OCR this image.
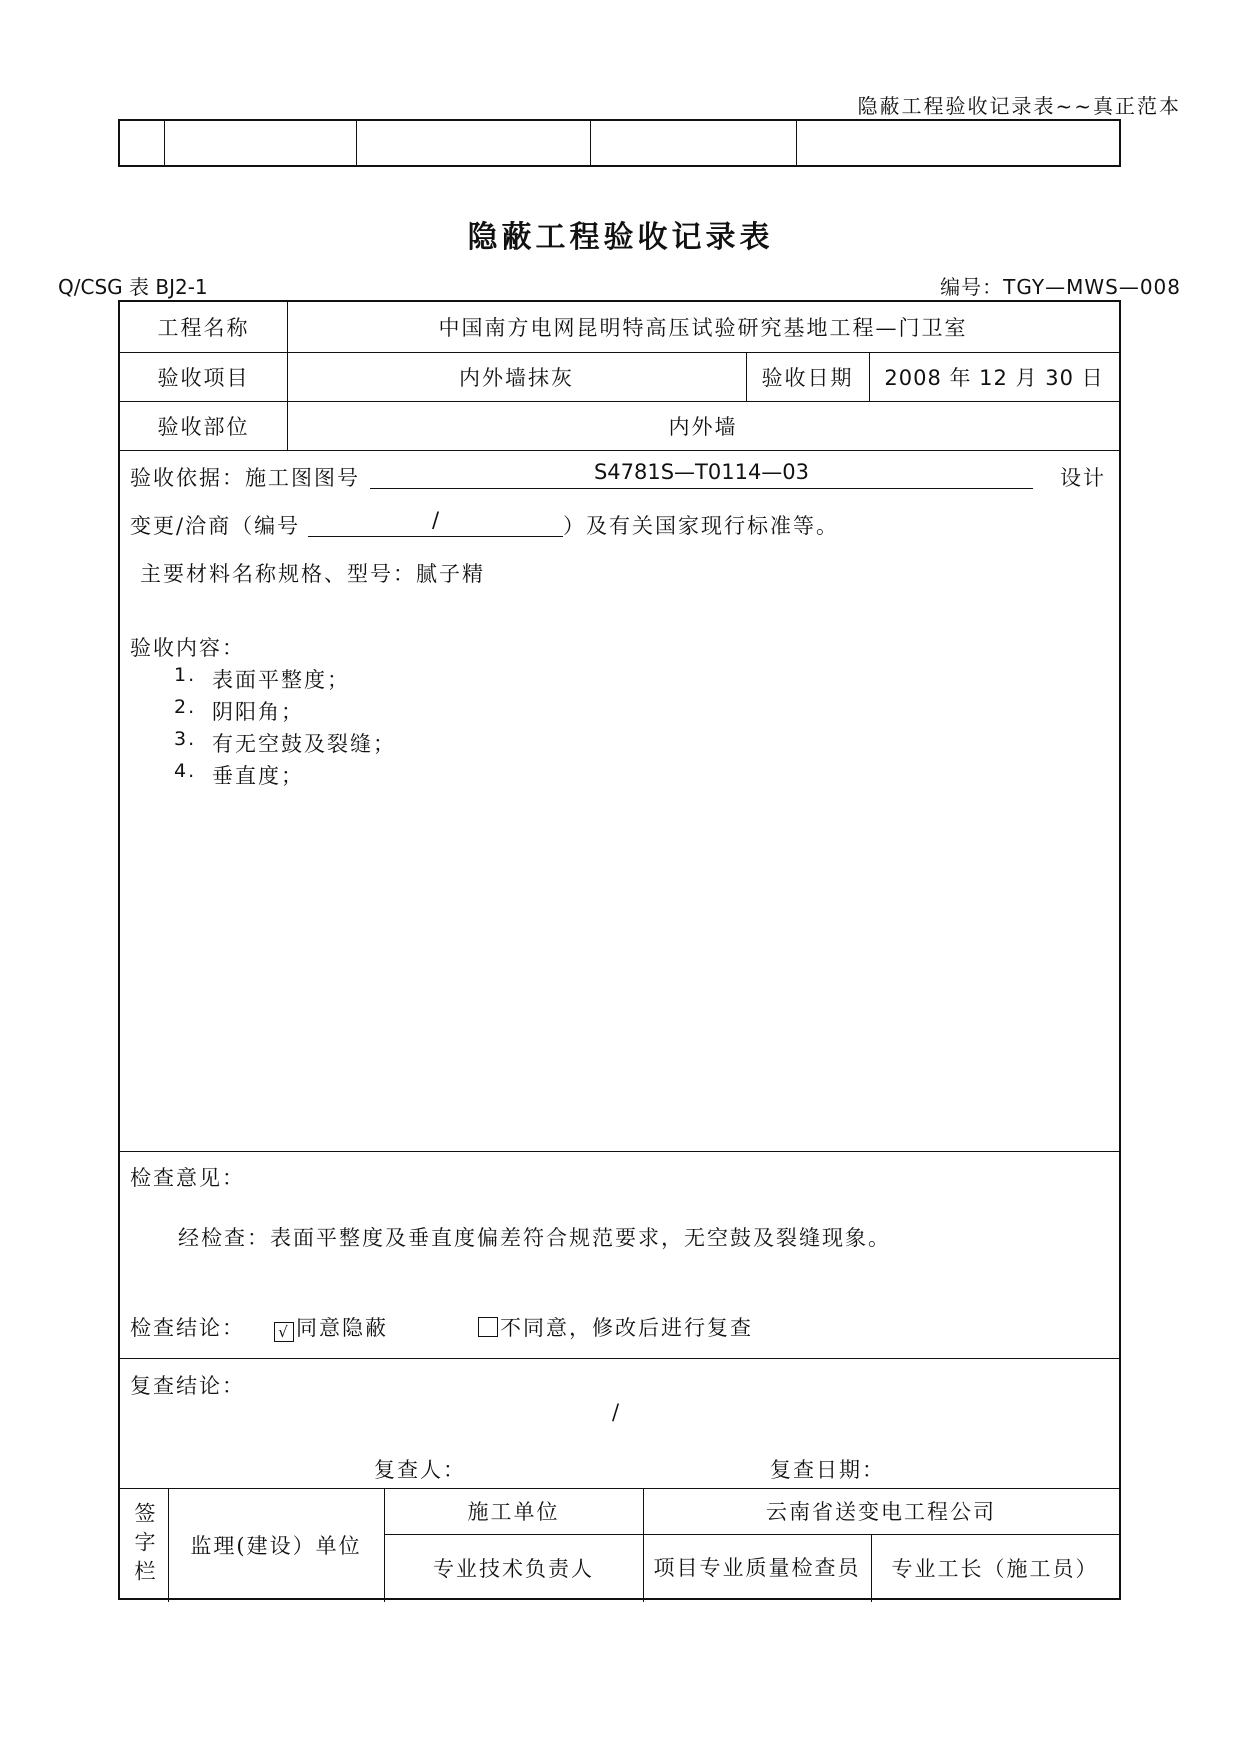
隐蔽工程验收记录表~~真正范本
隐蔽工程验收记录表
Q/CSG 表 BJ2-1	编号：TGY—MWS—008
工程名称	中国南方电网昆明特高压试验研究基地工程—门卫室
验收项目	内外墙抹灰	验收日期	2008 年 12 月 30 日
验收部位	内外墙
验收依据：施工图图号	S4781S—T0114—03	设计
变更/洽商（编号	/	）及有关国家现行标准等。
主要材料名称规格、型号：腻子精
验收内容：
1. 表面平整度；
2. 阴阳角；
3. 有无空鼓及裂缝；
4. 垂直度；
检查意见：
经检查：表面平整度及垂直度偏差符合规范要求，无空鼓及裂缝现象。
检查结论： √ 同意隐蔽	不同意，修改后进行复查
复查结论：
/
复查人：	复查日期：
签字栏	监理(建设）单位
施工单位	云南省送变电工程公司
专业技术负责人	项目专业质量检查员	专业工长（施工员）
